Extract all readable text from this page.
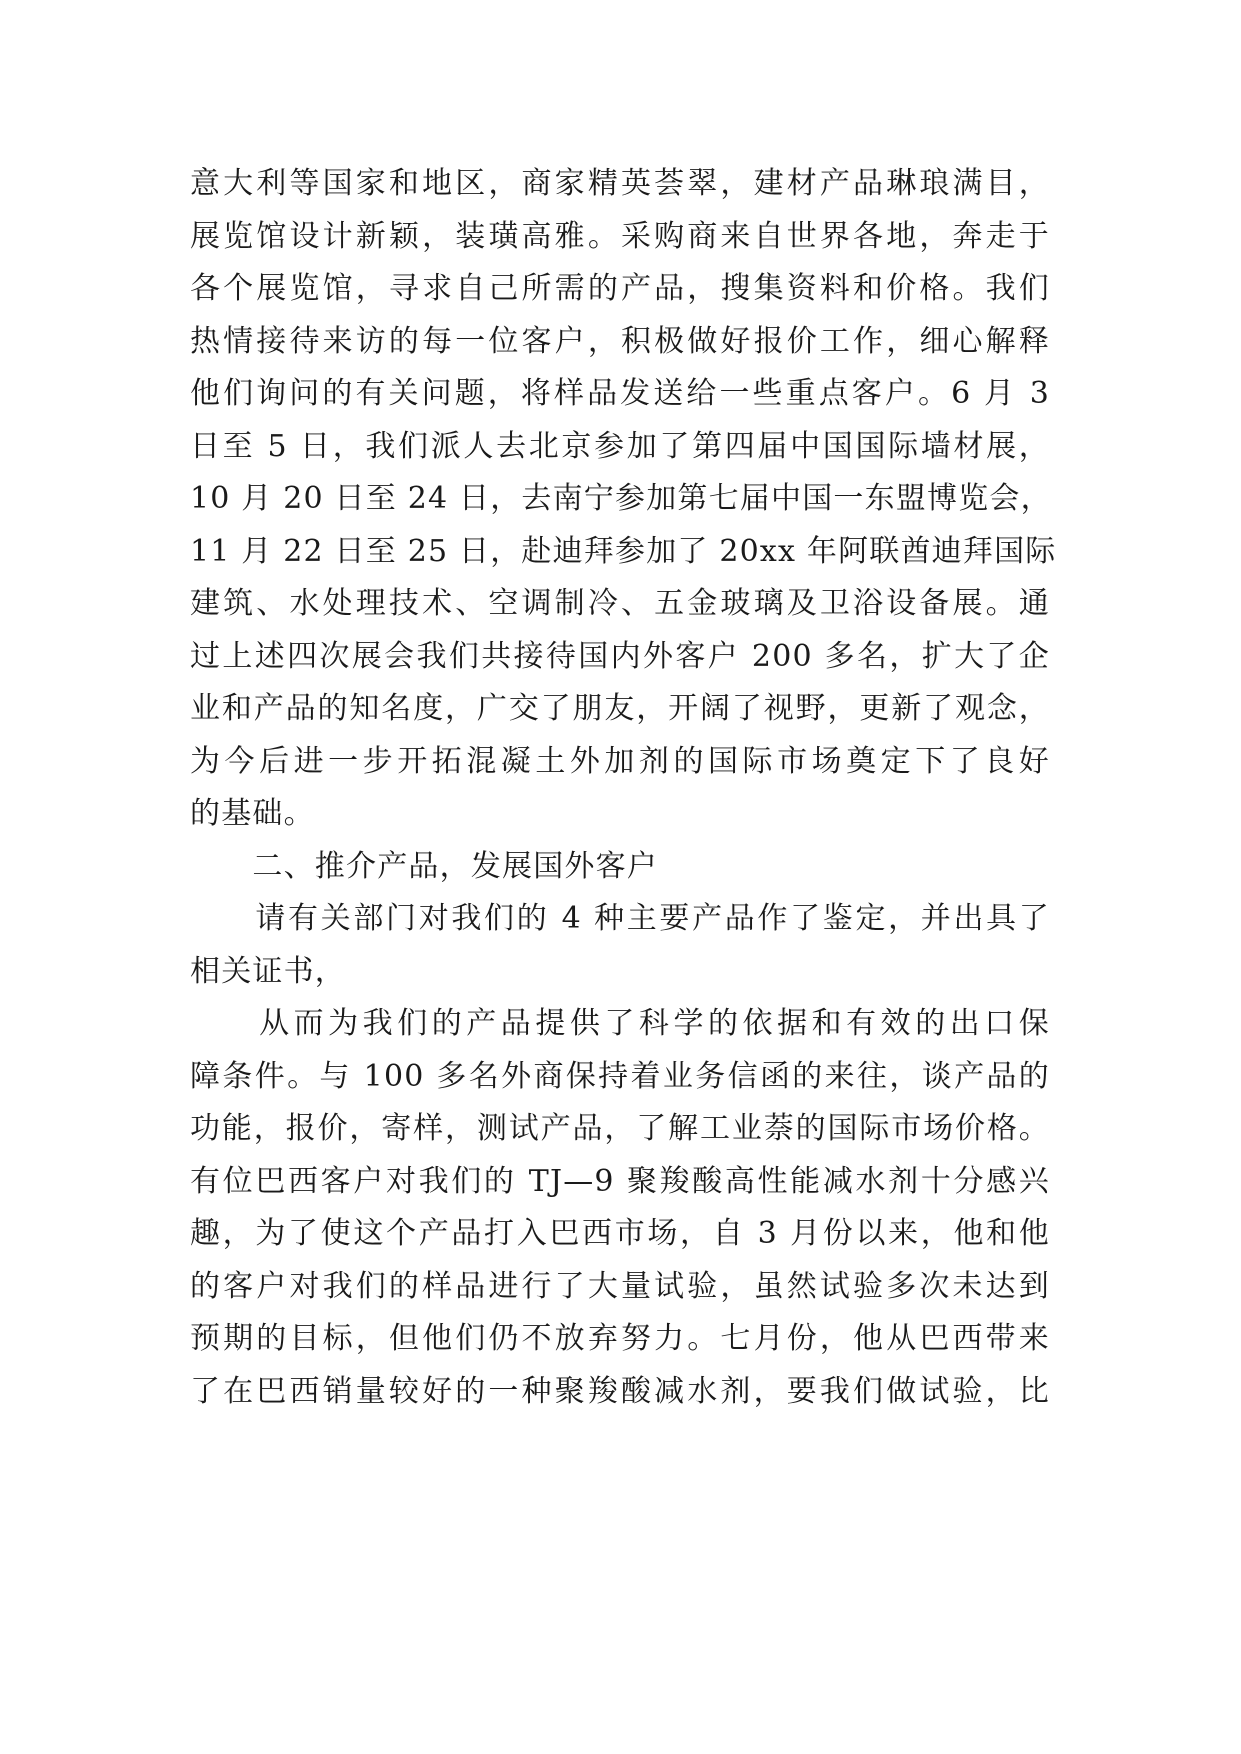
意大利等国家和地区，商家精英荟翠，建材产品琳琅满目，
展览馆设计新颖，装璜高雅。采购商来自世界各地，奔走于
各个展览馆，寻求自己所需的产品，搜集资料和价格。我们
热情接待来访的每一位客户，积极做好报价工作，细心解释
他们询问的有关问题，将样品发送给一些重点客户。6 月 3
日至 5 日，我们派人去北京参加了第四届中国国际墙材展，
10 月 20 日至 24 日，去南宁参加第七届中国一东盟博览会，
11 月 22 日至 25 日，赴迪拜参加了 20xx 年阿联酋迪拜国际
建筑、水处理技术、空调制冷、五金玻璃及卫浴设备展。通
过上述四次展会我们共接待国内外客户 200 多名，扩大了企
业和产品的知名度，广交了朋友，开阔了视野，更新了观念，
为今后进一步开拓混凝土外加剂的国际市场奠定下了良好
的基础。
　　二、推介产品，发展国外客户
　　请有关部门对我们的 4 种主要产品作了鉴定，并出具了
相关证书，
　　从而为我们的产品提供了科学的依据和有效的出口保
障条件。与 100 多名外商保持着业务信函的来往，谈产品的
功能，报价，寄样，测试产品，了解工业萘的国际市场价格。
有位巴西客户对我们的 TJ—9 聚羧酸高性能减水剂十分感兴
趣，为了使这个产品打入巴西市场，自 3 月份以来，他和他
的客户对我们的样品进行了大量试验，虽然试验多次未达到
预期的目标，但他们仍不放弃努力。七月份，他从巴西带来
了在巴西销量较好的一种聚羧酸减水剂，要我们做试验，比
